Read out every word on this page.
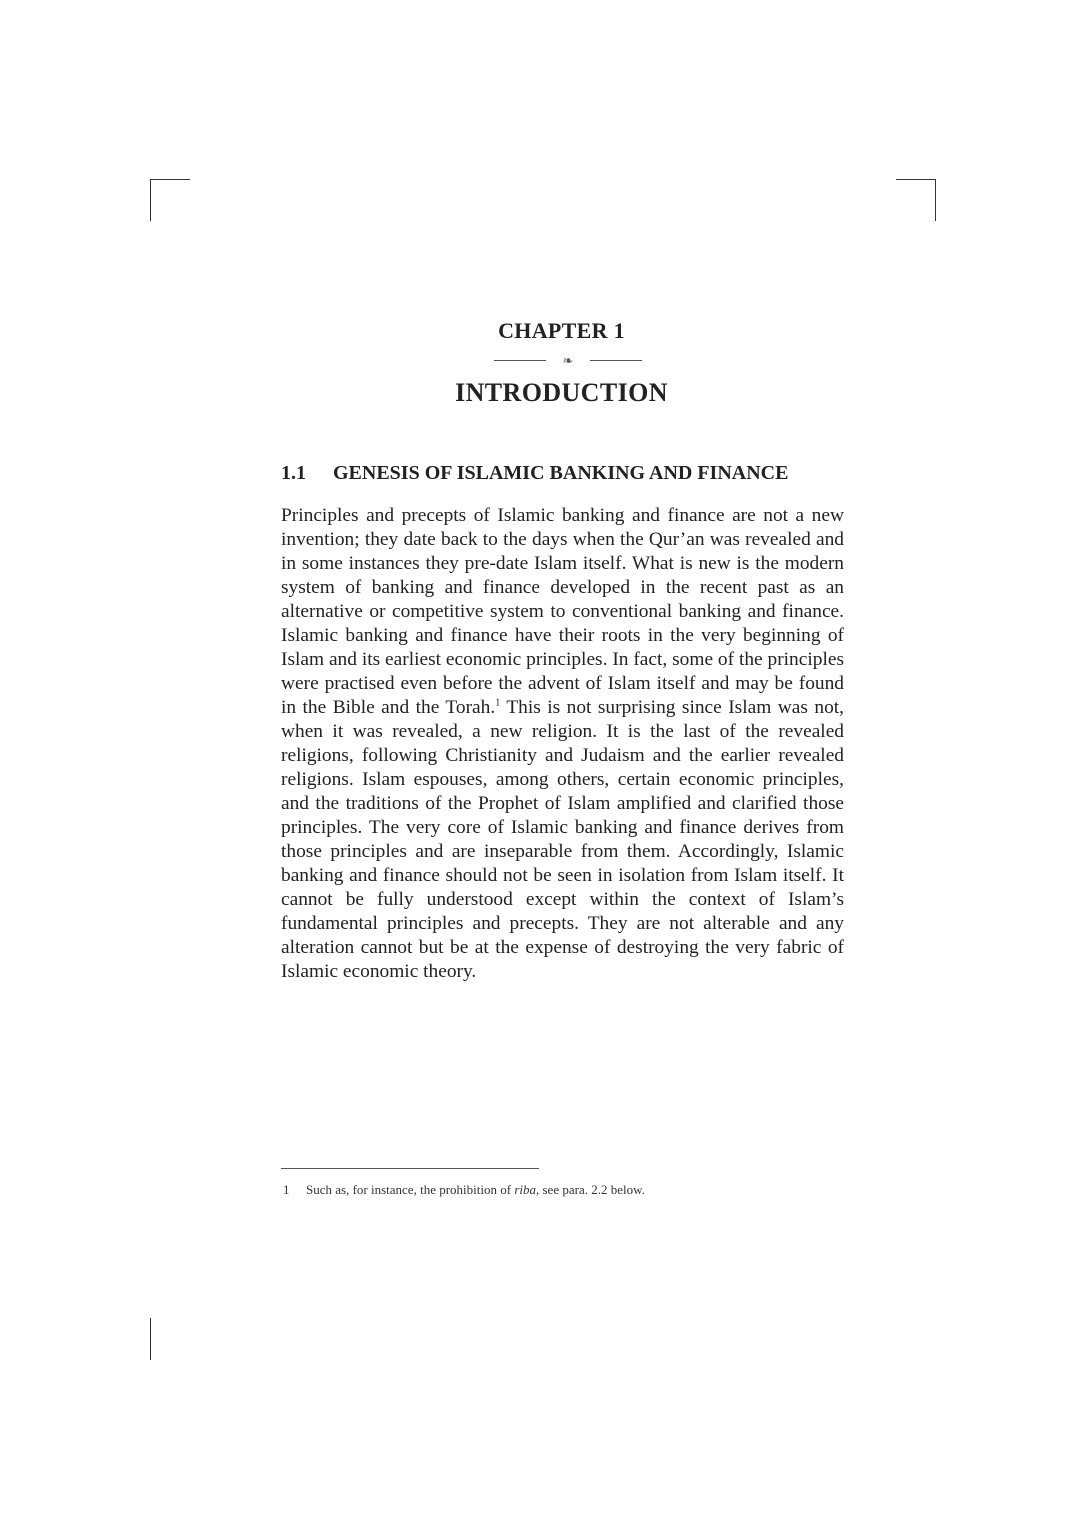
CHAPTER 1
❧
INTRODUCTION
1.1 GENESIS OF ISLAMIC BANKING AND FINANCE

Principles and precepts of Islamic banking and finance are not a new invention; they date back to the days when the Qur’an was revealed and in some instances they pre-date Islam itself. What is new is the modern system of banking and finance developed in the recent past as an alternative or competitive system to conventional banking and finance. Islamic banking and finance have their roots in the very beginning of Islam and its earliest economic principles. In fact, some of the principles were practised even before the advent of Islam itself and may be found in the Bible and the Torah.$^1$ This is not surprising since Islam was not, when it was revealed, a new religion. It is the last of the revealed religions, following Christianity and Judaism and the earlier revealed religions. Islam espouses, among others, certain economic principles, and the traditions of the Prophet of Islam amplified and clarified those principles. The very core of Islamic banking and finance derives from those principles and are inseparable from them. Accordingly, Islamic banking and finance should not be seen in isolation from Islam itself. It cannot be fully understood except within the context of Islam’s fundamental principles and precepts. They are not alterable and any alteration cannot but be at the expense of destroying the very fabric of Islamic economic theory.

1 Such as, for instance, the prohibition of riba, see para. 2.2 below.
